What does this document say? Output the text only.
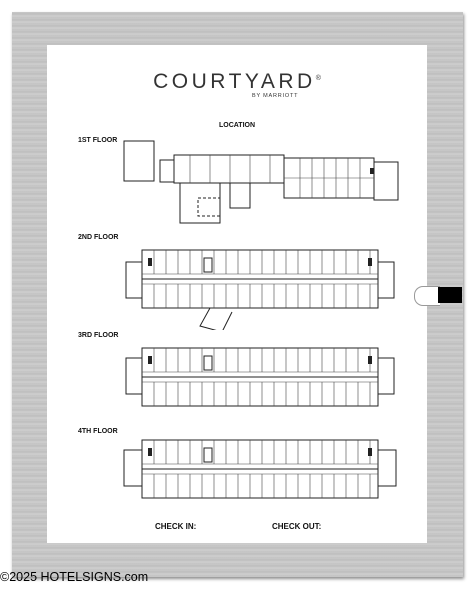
COURTYARD®
BY MARRIOTT
LOCATION
1ST FLOOR
2ND FLOOR
3RD FLOOR
4TH FLOOR
CHECK IN:	CHECK OUT:
©2025 HOTELSIGNS.com
